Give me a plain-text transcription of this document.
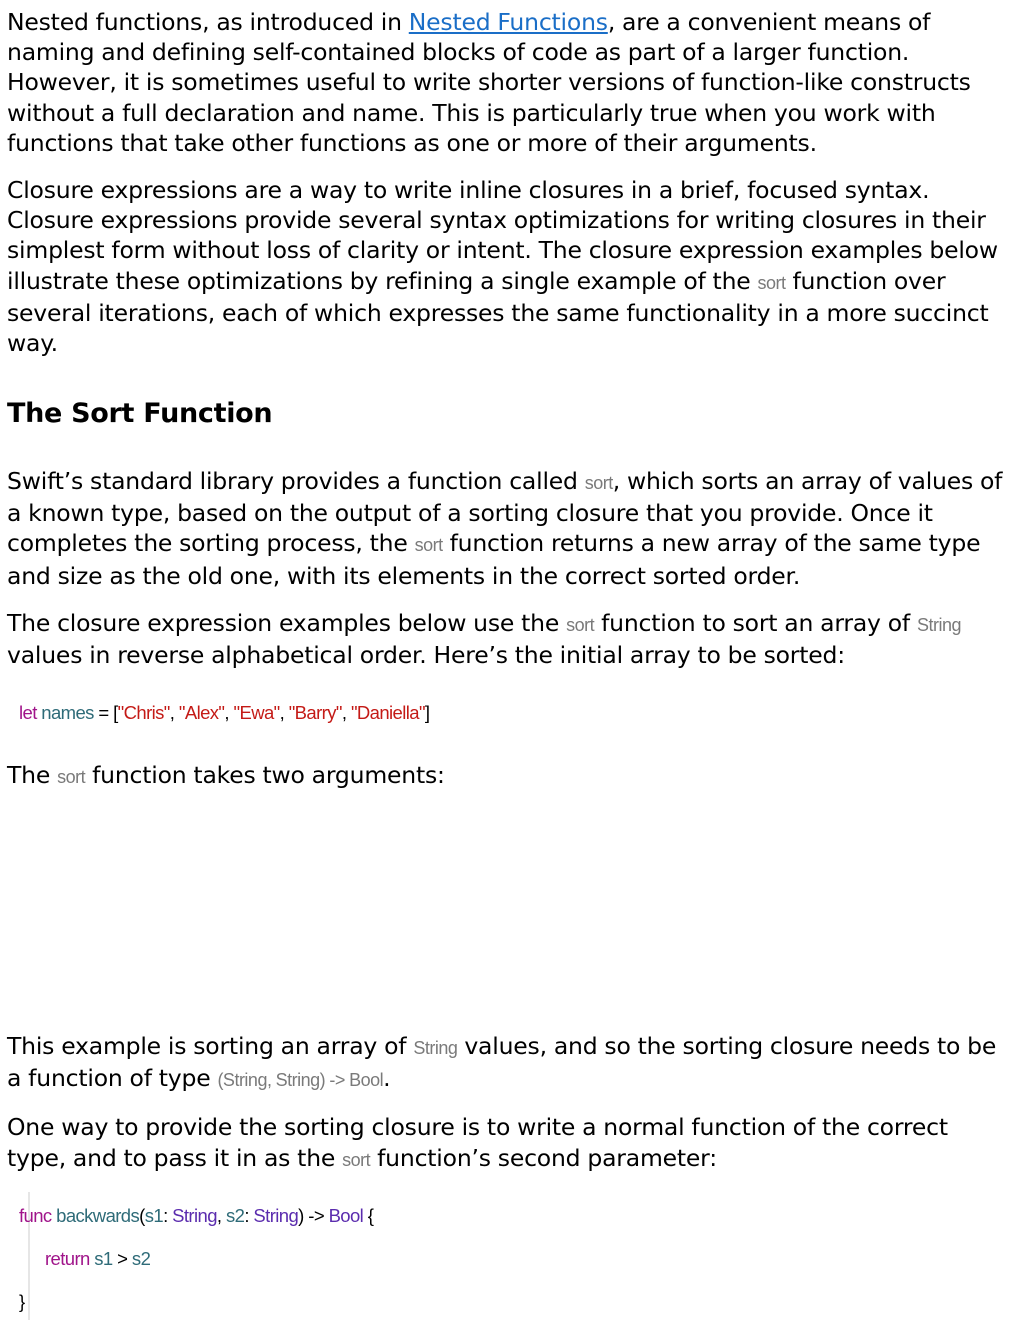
Nested functions, as introduced in Nested Functions, are a convenient means of naming and defining self-contained blocks of code as part of a larger function. However, it is sometimes useful to write shorter versions of function-like constructs without a full declaration and name. This is particularly true when you work with functions that take other functions as one or more of their arguments.

Closure expressions are a way to write inline closures in a brief, focused syntax. Closure expressions provide several syntax optimizations for writing closures in their simplest form without loss of clarity or intent. The closure expression examples below illustrate these optimizations by refining a single example of the sort function over several iterations, each of which expresses the same functionality in a more succinct way.

The Sort Function

Swift’s standard library provides a function called sort, which sorts an array of values of a known type, based on the output of a sorting closure that you provide. Once it completes the sorting process, the sort function returns a new array of the same type and size as the old one, with its elements in the correct sorted order.

The closure expression examples below use the sort function to sort an array of String values in reverse alphabetical order. Here’s the initial array to be sorted:

let names = ["Chris", "Alex", "Ewa", "Barry", "Daniella"]

The sort function takes two arguments:

This example is sorting an array of String values, and so the sorting closure needs to be a function of type (String, String) -> Bool.

One way to provide the sorting closure is to write a normal function of the correct type, and to pass it in as the sort function’s second parameter:

func backwards(s1: String, s2: String) -> Bool {
return s1 > s2
}
